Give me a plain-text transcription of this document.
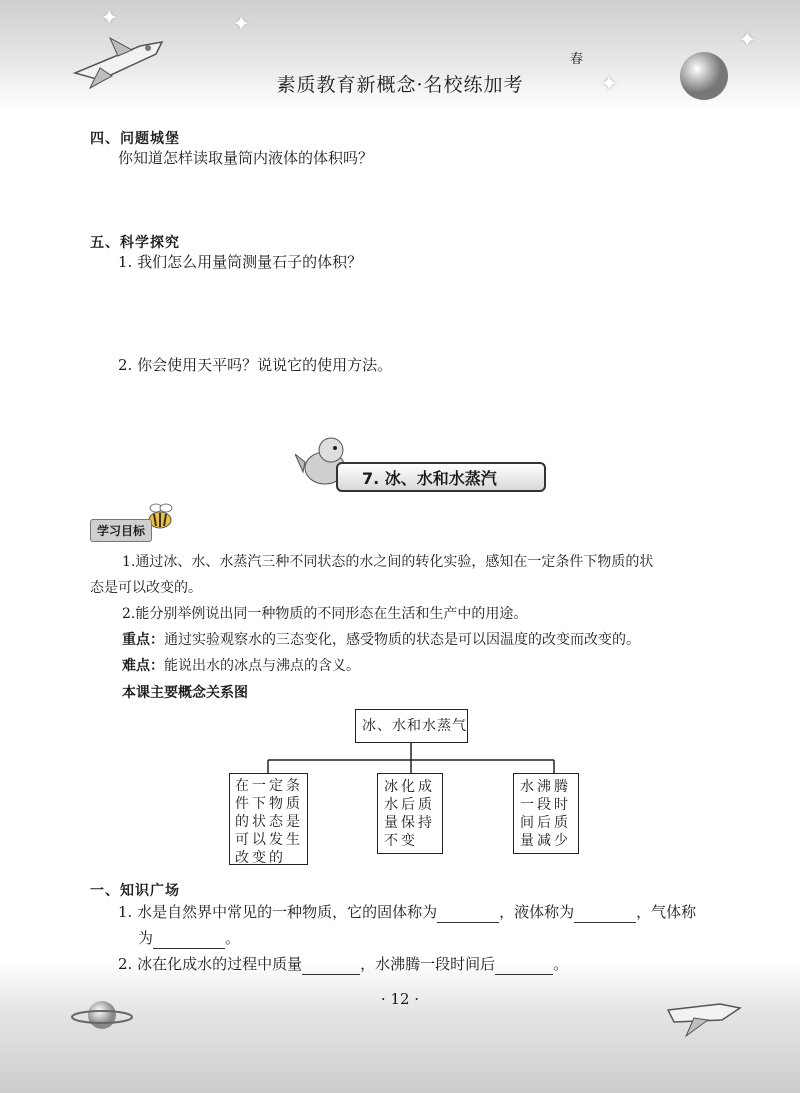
✦	✦
✦
✦
素质教育新概念·名校练加考
春
四、问题城堡
你知道怎样读取量筒内液体的体积吗？
五、科学探究
1. 我们怎么用量筒测量石子的体积？
2. 你会使用天平吗？说说它的使用方法。
7. 冰、水和水蒸汽
学习目标
1.通过冰、水、水蒸汽三种不同状态的水之间的转化实验，感知在一定条件下物质的状
态是可以改变的。
2.能分别举例说出同一种物质的不同形态在生活和生产中的用途。
重点：通过实验观察水的三态变化，感受物质的状态是可以因温度的改变而改变的。
难点：能说出水的冰点与沸点的含义。
本课主要概念关系图
冰、水和水蒸气
在一定条
件下物质
的状态是
可以发生
改变的
冰化成
水后质
量保持
不变
水沸腾
一段时
间后质
量减少
一、知识广场
1. 水是自然界中常见的一种物质，它的固体称为	，液体称为	，气体称
为	。
2. 冰在化成水的过程中质量	，水沸腾一段时间后	。
· 12 ·
